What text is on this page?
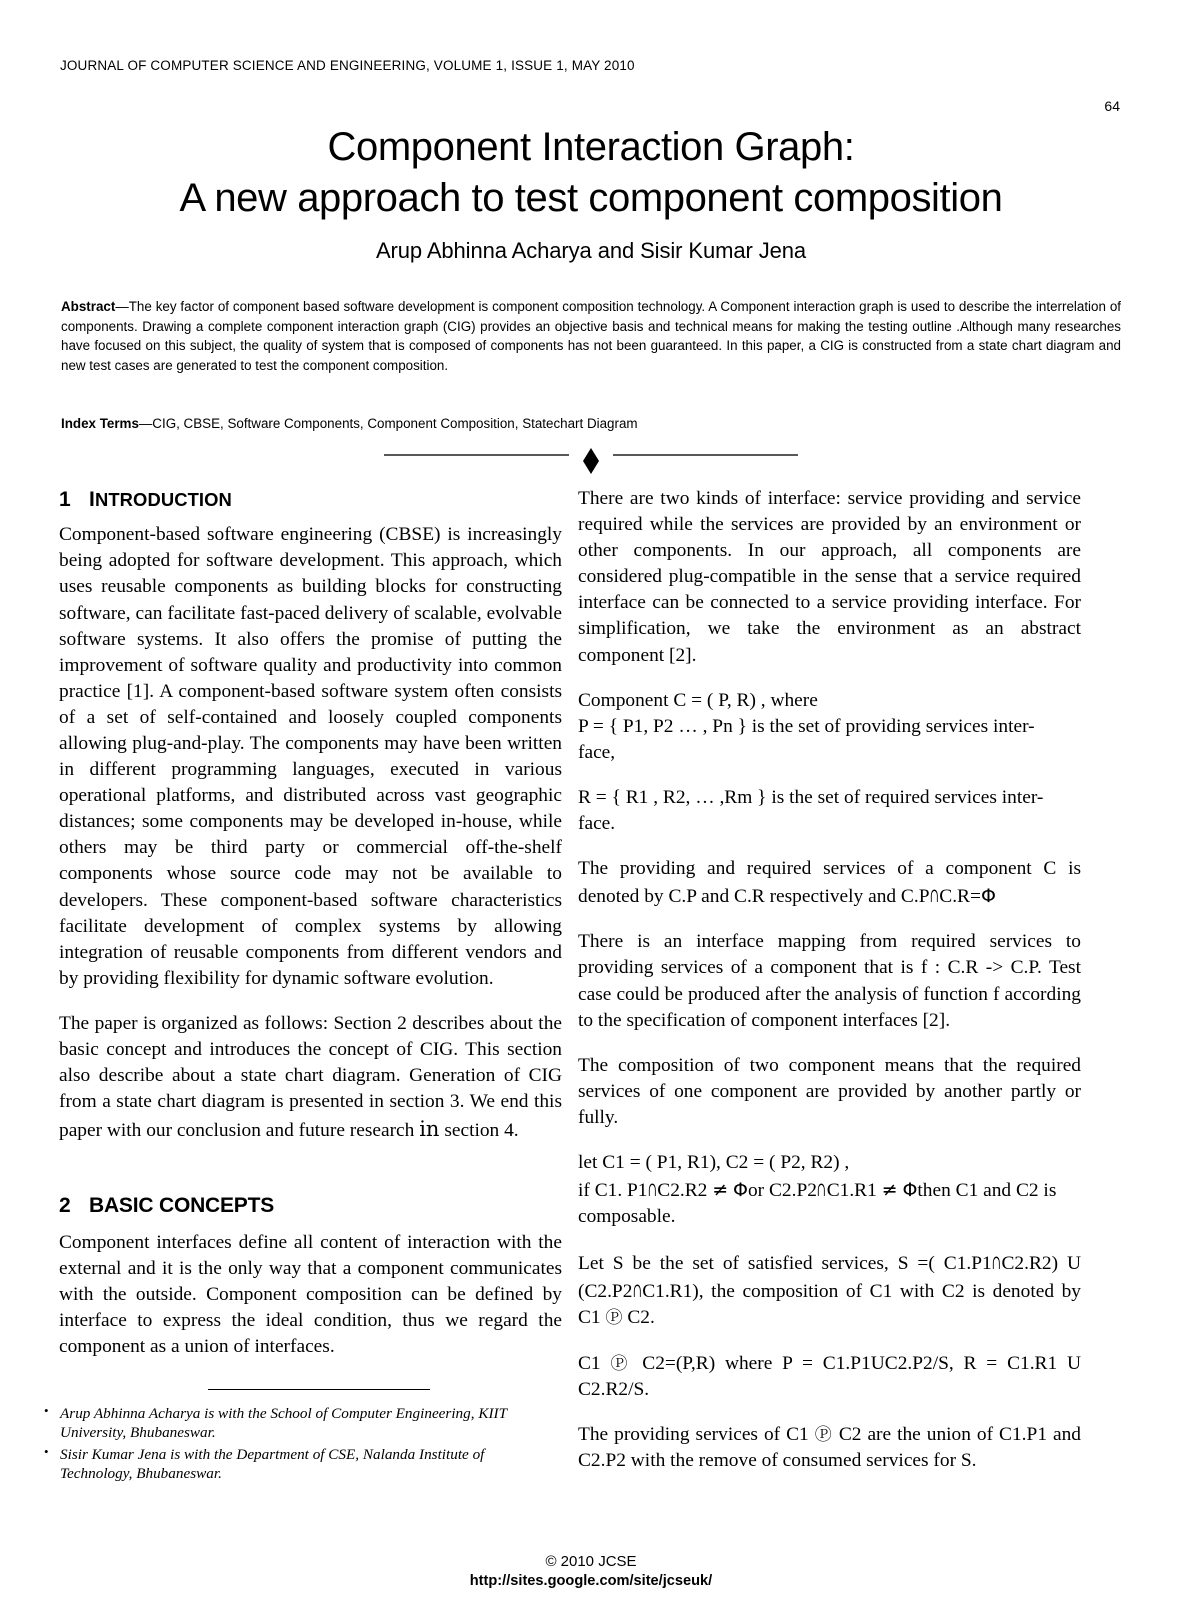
JOURNAL OF COMPUTER SCIENCE AND ENGINEERING, VOLUME 1, ISSUE 1, MAY 2010
64
Component Interaction Graph:
A new approach to test component composition
Arup Abhinna Acharya and Sisir Kumar Jena
Abstract—The key factor of component based software development is component composition technology. A Component interaction graph is used to describe the interrelation of components. Drawing a complete component interaction graph (CIG) provides an objective basis and technical means for making the testing outline .Although many researches have focused on this subject, the quality of system that is composed of components has not been guaranteed. In this paper, a CIG is constructed from a state chart diagram and new test cases are generated to test the component composition.
Index Terms—CIG, CBSE, Software Components, Component Composition, Statechart Diagram
1 INTRODUCTION

Component-based software engineering (CBSE) is increasingly being adopted for software development. This approach, which uses reusable components as building blocks for constructing software, can facilitate fast-paced delivery of scalable, evolvable software systems. It also offers the promise of putting the improvement of software quality and productivity into common practice [1]. A component-based software system often consists of a set of self-contained and loosely coupled components allowing plug-and-play. The components may have been written in different programming languages, executed in various operational platforms, and distributed across vast geographic distances; some components may be developed in-house, while others may be third party or commercial off-the-shelf components whose source code may not be available to developers. These component-based software characteristics facilitate development of complex systems by allowing integration of reusable components from different vendors and by providing flexibility for dynamic software evolution.

The paper is organized as follows: Section 2 describes about the basic concept and introduces the concept of CIG. This section also describe about a state chart diagram. Generation of CIG from a state chart diagram is presented in section 3. We end this paper with our conclusion and future research in section 4.

2 BASIC CONCEPTS

Component interfaces define all content of interaction with the external and it is the only way that a component communicates with the outside. Component composition can be defined by interface to express the ideal condition, thus we regard the component as a union of interfaces.

There are two kinds of interface: service providing and service required while the services are provided by an environment or other components. In our approach, all components are considered plug-compatible in the sense that a service required interface can be connected to a service providing interface. For simplification, we take the environment as an abstract component [2].

Component C = ( P, R) , where
P = { P1, P2 … , Pn } is the set of providing services inter-
face,

R = { R1 , R2, … ,Rm } is the set of required services inter-
face.

The providing and required services of a component C is denoted by C.P and C.R respectively and C.P∩C.R=Φ

There is an interface mapping from required services to providing services of a component that is f : C.R -> C.P. Test case could be produced after the analysis of function f according to the specification of component interfaces [2].

The composition of two component means that the required services of one component are provided by another partly or fully.

let C1 = ( P1, R1), C2 = ( P2, R2) ,
if C1. P1∩C2.R2 ≠ Φor C2.P2∩C1.R1 ≠ Φthen C1 and C2 is
composable.

Let S be the set of satisfied services, S =( C1.P1∩C2.R2) U (C2.P2∩C1.R1), the composition of C1 with C2 is denoted by C1 Ⓟ C2.

C1 Ⓟ C2=(P,R) where P = C1.P1UC2.P2/S, R = C1.R1 U C2.R2/S.

The providing services of C1 Ⓟ C2 are the union of C1.P1 and C2.P2 with the remove of consumed services for S.

• Arup Abhinna Acharya is with the School of Computer Engineering, KIIT University, Bhubaneswar.
• Sisir Kumar Jena is with the Department of CSE, Nalanda Institute of Technology, Bhubaneswar.
© 2010 JCSE
http://sites.google.com/site/jcseuk/
